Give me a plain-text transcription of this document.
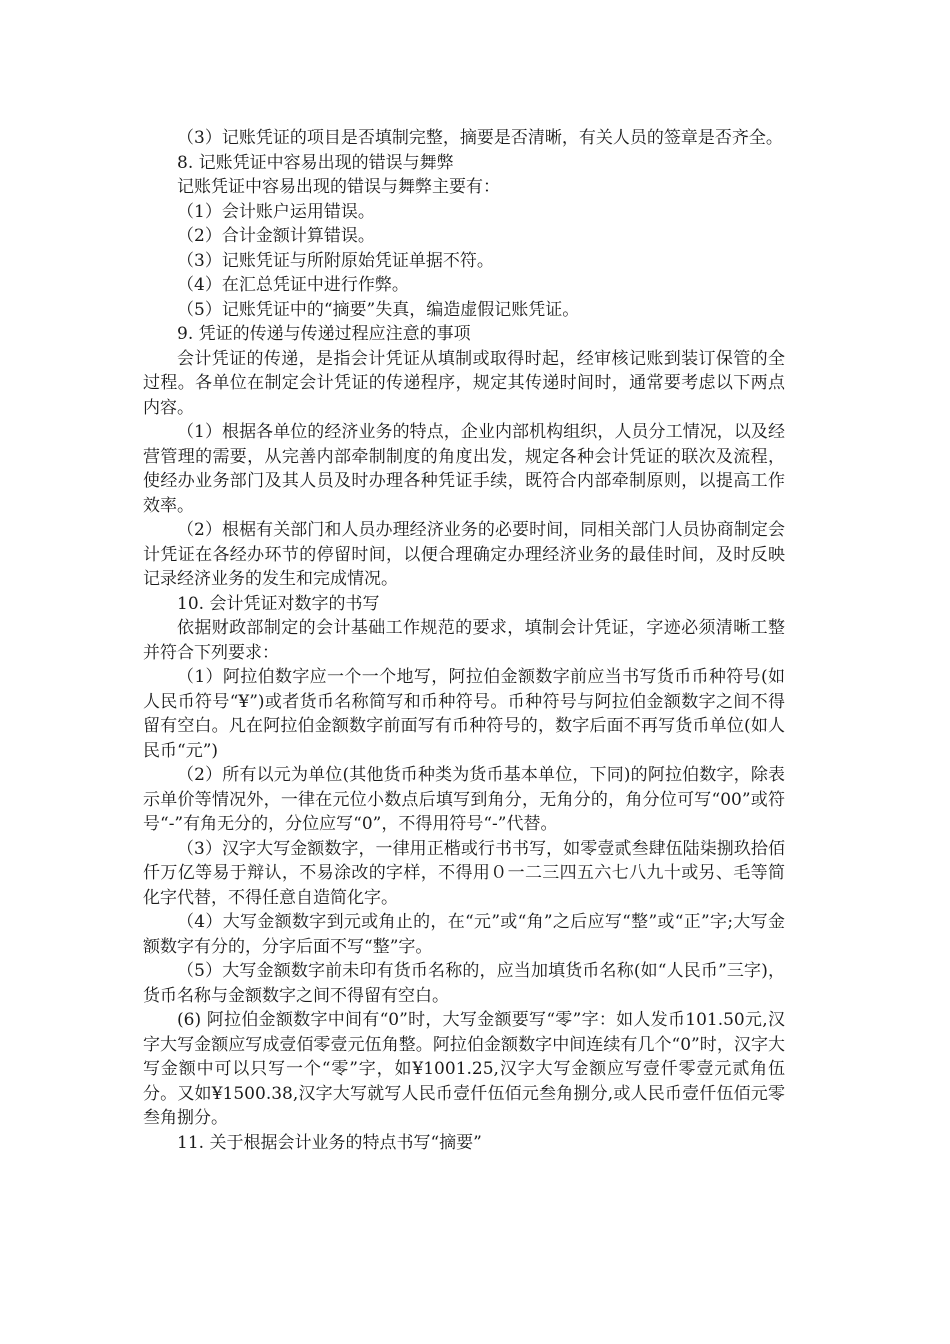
（3）记账凭证的项目是否填制完整，摘要是否清晰，有关人员的签章是否齐全。

8. 记账凭证中容易出现的错误与舞弊

记账凭证中容易出现的错误与舞弊主要有：

（1）会计账户运用错误。

（2）合计金额计算错误。

（3）记账凭证与所附原始凭证单据不符。

（4）在汇总凭证中进行作弊。

（5）记账凭证中的“摘要”失真，编造虚假记账凭证。

9. 凭证的传递与传递过程应注意的事项

会计凭证的传递，是指会计凭证从填制或取得时起，经审核记账到装订保管的全过程。各单位在制定会计凭证的传递程序，规定其传递时间时，通常要考虑以下两点内容。

（1）根据各单位的经济业务的特点，企业内部机构组织，人员分工情况，以及经营管理的需要，从完善内部牵制制度的角度出发，规定各种会计凭证的联次及流程，使经办业务部门及其人员及时办理各种凭证手续，既符合内部牵制原则，以提高工作效率。

（2）根椐有关部门和人员办理经济业务的必要时间，同相关部门人员协商制定会计凭证在各经办环节的停留时间，以便合理确定办理经济业务的最佳时间，及时反映记录经济业务的发生和完成情况。

10. 会计凭证对数字的书写

依据财政部制定的会计基础工作规范的要求，填制会计凭证，字迹必须清晰工整并符合下列要求：

（1）阿拉伯数字应一个一个地写，阿拉伯金额数字前应当书写货币币种符号(如人民币符号“¥”)或者货币名称简写和币种符号。币种符号与阿拉伯金额数字之间不得留有空白。凡在阿拉伯金额数字前面写有币种符号的，数字后面不再写货币单位(如人民币“元”)

（2）所有以元为单位(其他货币种类为货币基本单位，下同)的阿拉伯数字，除表示单价等情况外，一律在元位小数点后填写到角分，无角分的，角分位可写“00”或符号“-”有角无分的，分位应写“0”，不得用符号“-”代替。

（3）汉字大写金额数字，一律用正楷或行书书写，如零壹贰叁肆伍陆柒捌玖拾佰仟万亿等易于辩认，不易涂改的字样，不得用０一二三四五六七八九十或另、毛等简化字代替，不得任意自造简化字。

（4）大写金额数字到元或角止的，在“元”或“角”之后应写“整”或“正”字;大写金额数字有分的，分字后面不写“整”字。

（5）大写金额数字前未印有货币名称的，应当加填货币名称(如“人民币”三字)，货币名称与金额数字之间不得留有空白。

(6) 阿拉伯金额数字中间有“0”时，大写金额要写“零”字：如人发币101.50元,汉字大写金额应写成壹佰零壹元伍角整。阿拉伯金额数字中间连续有几个“0”时，汉字大写金额中可以只写一个“零”字，如¥1001.25,汉字大写金额应写壹仟零壹元贰角伍分。又如¥1500.38,汉字大写就写人民币壹仟伍佰元叁角捌分,或人民币壹仟伍佰元零叁角捌分。

11. 关于根据会计业务的特点书写“摘要”
